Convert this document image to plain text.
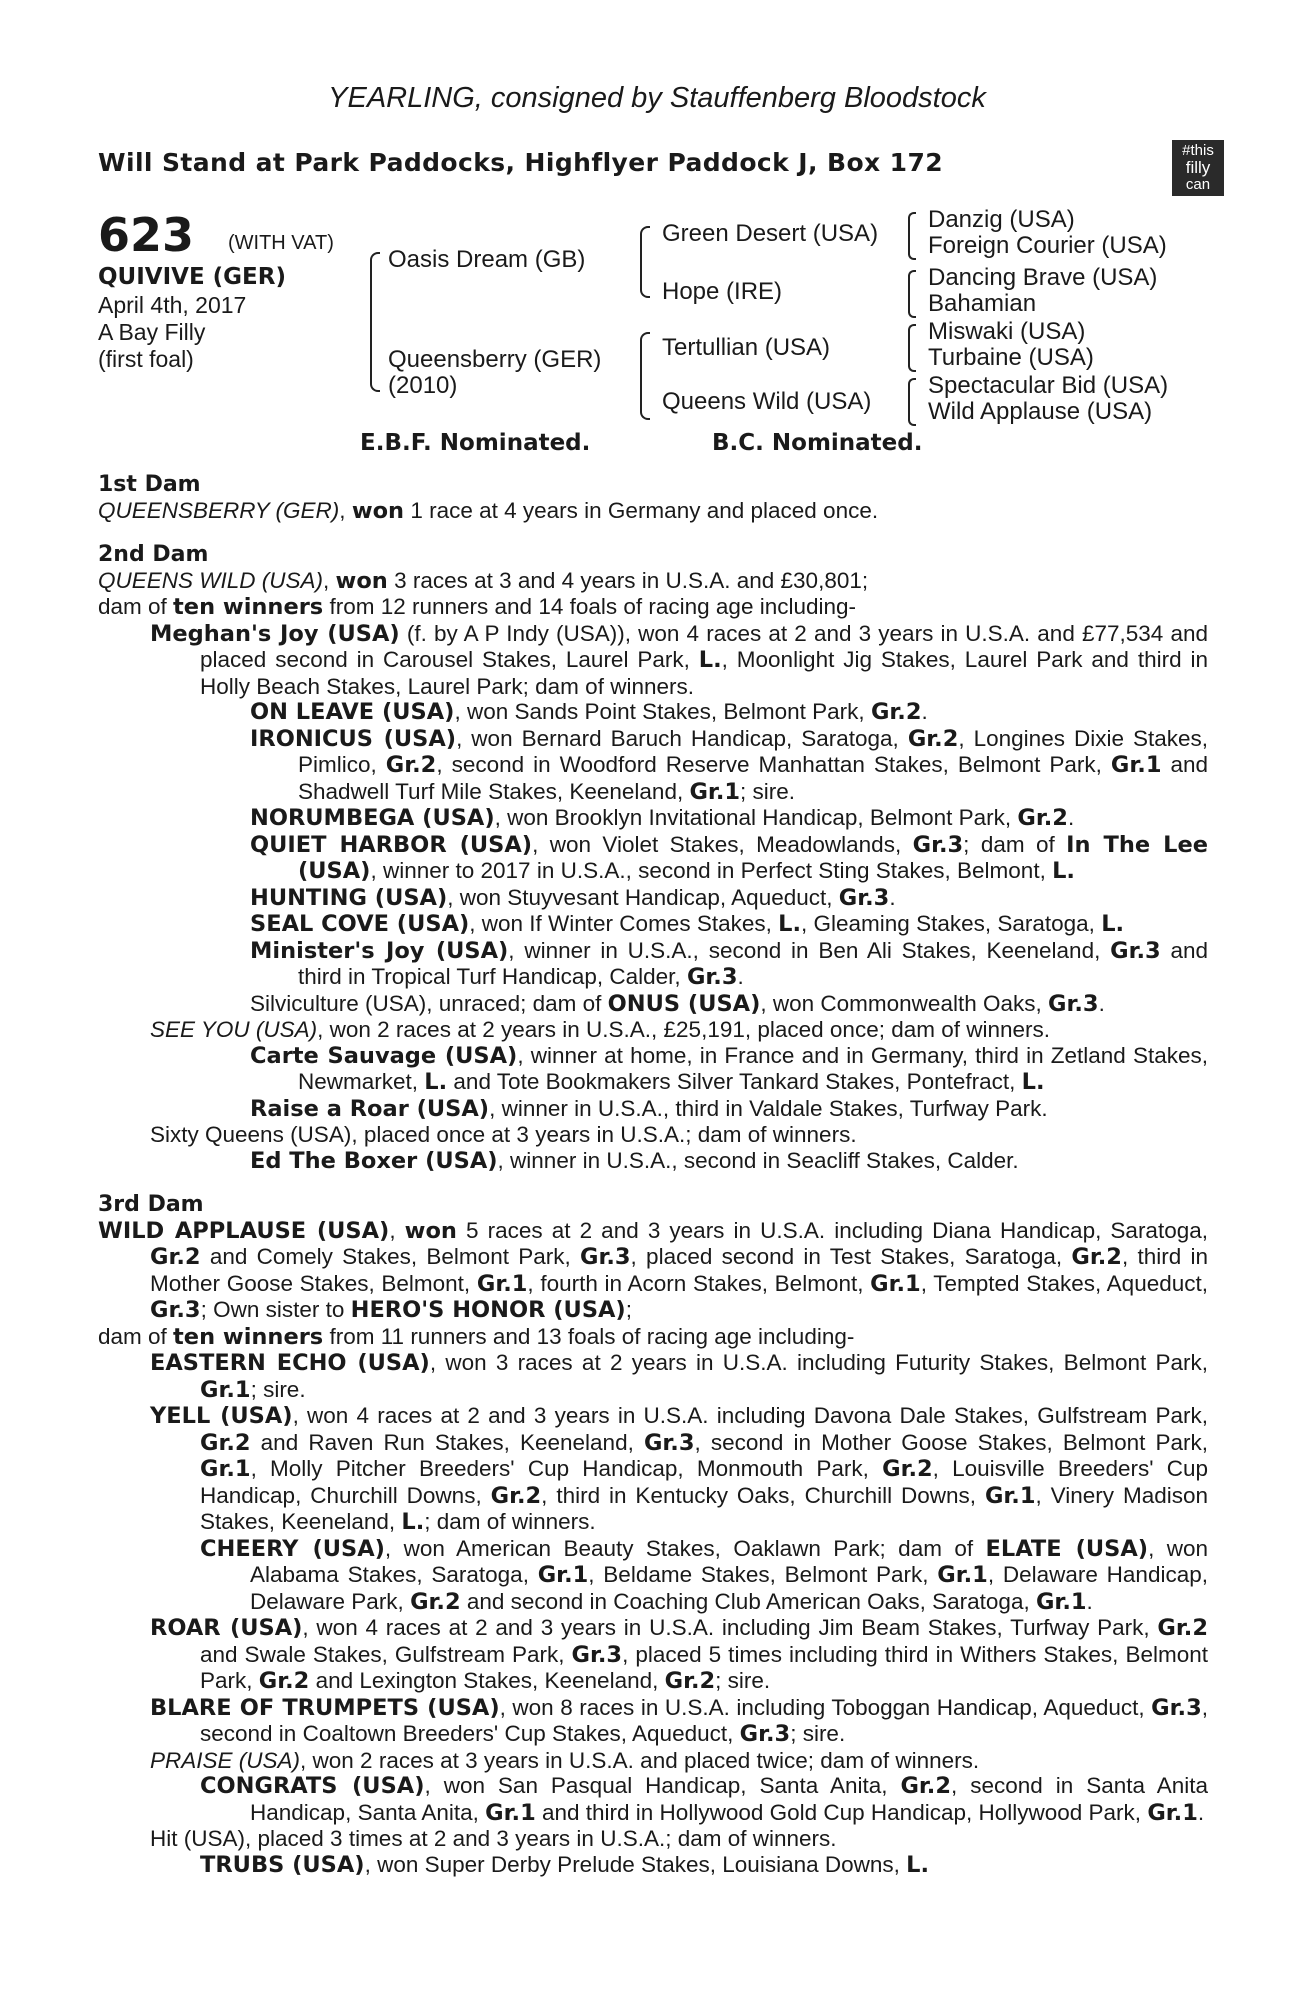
YEARLING, consigned by Stauffenberg Bloodstock
Will Stand at Park Paddocks, Highflyer Paddock J, Box 172	#this
filly
can
623 (WITH VAT)
QUIVIVE (GER)
April 4th, 2017
A Bay Filly
(first foal)
Oasis Dream (GB)
Queensberry (GER)
(2010)
Green Desert (USA)
Hope (IRE)
Tertullian (USA)
Queens Wild (USA)
Danzig (USA)
Foreign Courier (USA)
Dancing Brave (USA)
Bahamian
Miswaki (USA)
Turbaine (USA)
Spectacular Bid (USA)
Wild Applause (USA)
E.B.F. Nominated.	B.C. Nominated.
1st Dam
QUEENSBERRY (GER), won 1 race at 4 years in Germany and placed once.
2nd Dam
QUEENS WILD (USA), won 3 races at 3 and 4 years in U.S.A. and £30,801;
dam of ten winners from 12 runners and 14 foals of racing age including-
Meghan's Joy (USA) (f. by A P Indy (USA)), won 4 races at 2 and 3 years in U.S.A. and £77,534 and placed second in Carousel Stakes, Laurel Park, L., Moonlight Jig Stakes, Laurel Park and third in Holly Beach Stakes, Laurel Park; dam of winners.
ON LEAVE (USA), won Sands Point Stakes, Belmont Park, Gr.2.
IRONICUS (USA), won Bernard Baruch Handicap, Saratoga, Gr.2, Longines Dixie Stakes, Pimlico, Gr.2, second in Woodford Reserve Manhattan Stakes, Belmont Park, Gr.1 and Shadwell Turf Mile Stakes, Keeneland, Gr.1; sire.
NORUMBEGA (USA), won Brooklyn Invitational Handicap, Belmont Park, Gr.2.
QUIET HARBOR (USA), won Violet Stakes, Meadowlands, Gr.3; dam of In The Lee (USA), winner to 2017 in U.S.A., second in Perfect Sting Stakes, Belmont, L.
HUNTING (USA), won Stuyvesant Handicap, Aqueduct, Gr.3.
SEAL COVE (USA), won If Winter Comes Stakes, L., Gleaming Stakes, Saratoga, L.
Minister's Joy (USA), winner in U.S.A., second in Ben Ali Stakes, Keeneland, Gr.3 and third in Tropical Turf Handicap, Calder, Gr.3.
Silviculture (USA), unraced; dam of ONUS (USA), won Commonwealth Oaks, Gr.3.
SEE YOU (USA), won 2 races at 2 years in U.S.A., £25,191, placed once; dam of winners.
Carte Sauvage (USA), winner at home, in France and in Germany, third in Zetland Stakes, Newmarket, L. and Tote Bookmakers Silver Tankard Stakes, Pontefract, L.
Raise a Roar (USA), winner in U.S.A., third in Valdale Stakes, Turfway Park.
Sixty Queens (USA), placed once at 3 years in U.S.A.; dam of winners.
Ed The Boxer (USA), winner in U.S.A., second in Seacliff Stakes, Calder.
3rd Dam
WILD APPLAUSE (USA), won 5 races at 2 and 3 years in U.S.A. including Diana Handicap, Saratoga, Gr.2 and Comely Stakes, Belmont Park, Gr.3, placed second in Test Stakes, Saratoga, Gr.2, third in Mother Goose Stakes, Belmont, Gr.1, fourth in Acorn Stakes, Belmont, Gr.1, Tempted Stakes, Aqueduct, Gr.3; Own sister to HERO'S HONOR (USA);
dam of ten winners from 11 runners and 13 foals of racing age including-
EASTERN ECHO (USA), won 3 races at 2 years in U.S.A. including Futurity Stakes, Belmont Park, Gr.1; sire.
YELL (USA), won 4 races at 2 and 3 years in U.S.A. including Davona Dale Stakes, Gulfstream Park, Gr.2 and Raven Run Stakes, Keeneland, Gr.3, second in Mother Goose Stakes, Belmont Park, Gr.1, Molly Pitcher Breeders' Cup Handicap, Monmouth Park, Gr.2, Louisville Breeders' Cup Handicap, Churchill Downs, Gr.2, third in Kentucky Oaks, Churchill Downs, Gr.1, Vinery Madison Stakes, Keeneland, L.; dam of winners.
CHEERY (USA), won American Beauty Stakes, Oaklawn Park; dam of ELATE (USA), won Alabama Stakes, Saratoga, Gr.1, Beldame Stakes, Belmont Park, Gr.1, Delaware Handicap, Delaware Park, Gr.2 and second in Coaching Club American Oaks, Saratoga, Gr.1.
ROAR (USA), won 4 races at 2 and 3 years in U.S.A. including Jim Beam Stakes, Turfway Park, Gr.2 and Swale Stakes, Gulfstream Park, Gr.3, placed 5 times including third in Withers Stakes, Belmont Park, Gr.2 and Lexington Stakes, Keeneland, Gr.2; sire.
BLARE OF TRUMPETS (USA), won 8 races in U.S.A. including Toboggan Handicap, Aqueduct, Gr.3, second in Coaltown Breeders' Cup Stakes, Aqueduct, Gr.3; sire.
PRAISE (USA), won 2 races at 3 years in U.S.A. and placed twice; dam of winners.
CONGRATS (USA), won San Pasqual Handicap, Santa Anita, Gr.2, second in Santa Anita Handicap, Santa Anita, Gr.1 and third in Hollywood Gold Cup Handicap, Hollywood Park, Gr.1.
Hit (USA), placed 3 times at 2 and 3 years in U.S.A.; dam of winners.
TRUBS (USA), won Super Derby Prelude Stakes, Louisiana Downs, L.
